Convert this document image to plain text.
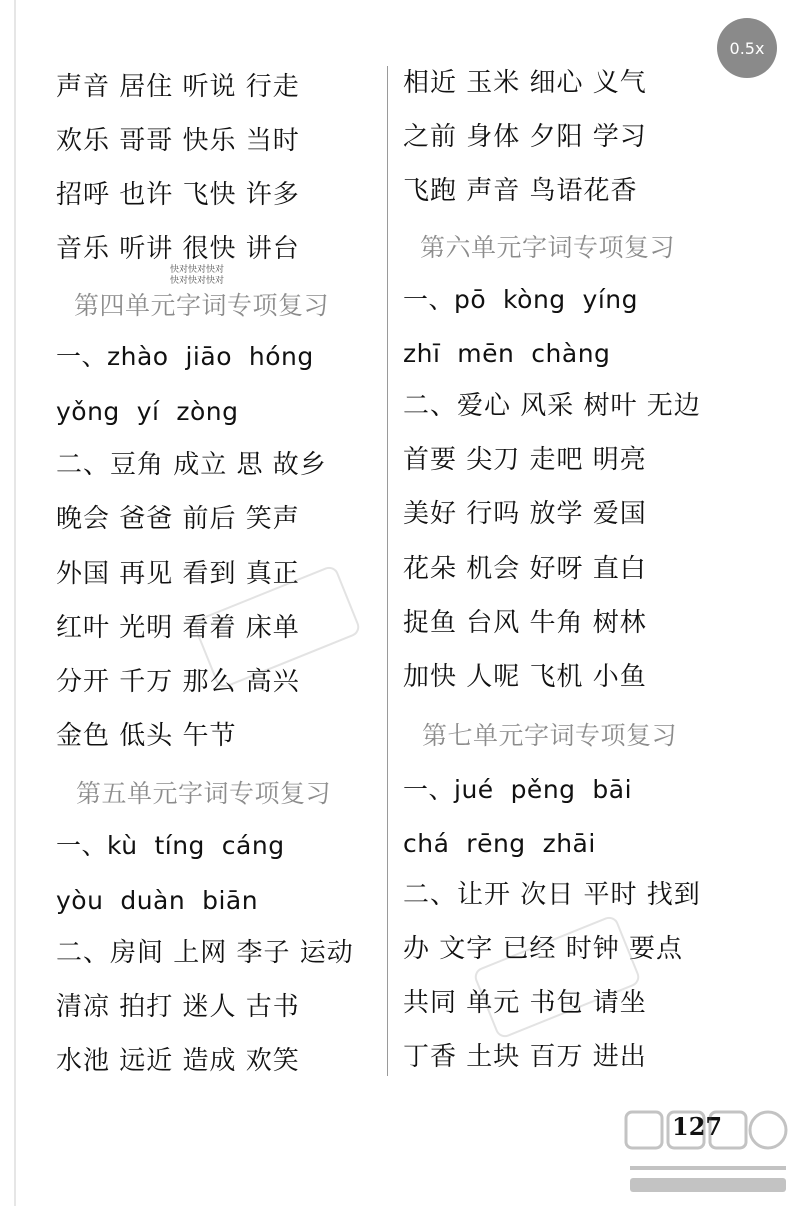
快对快对快对
快对快对快对
声音 居住 听说 行走
欢乐 哥哥 快乐 当时
招呼 也许 飞快 许多
音乐 听讲 很快 讲台
第四单元字词专项复习
一、zhào  jiāo  hóng
yǒng  yí  zòng
二、豆角 成立 思 故乡
晚会 爸爸 前后 笑声
外国 再见 看到 真正
红叶 光明 看着 床单
分开 千万 那么 高兴
金色 低头 午节
第五单元字词专项复习
一、kù  tíng  cáng
yòu  duàn  biān
二、房间 上网 李子 运动
清凉 拍打 迷人 古书
水池 远近 造成 欢笑
相近 玉米 细心 义气
之前 身体 夕阳 学习
飞跑 声音 鸟语花香
第六单元字词专项复习
一、pō  kòng  yíng
zhī  mēn  chàng
二、爱心 风采 树叶 无边
首要 尖刀 走吧 明亮
美好 行吗 放学 爱国
花朵 机会 好呀 直白
捉鱼 台风 牛角 树林
加快 人呢 飞机 小鱼
第七单元字词专项复习
一、jué  pěng  bāi
chá  rēng  zhāi
二、让开 次日 平时 找到
办 文字 已经 时钟 要点
共同 单元 书包 请坐
丁香 土块 百万 进出
0.5x
127
